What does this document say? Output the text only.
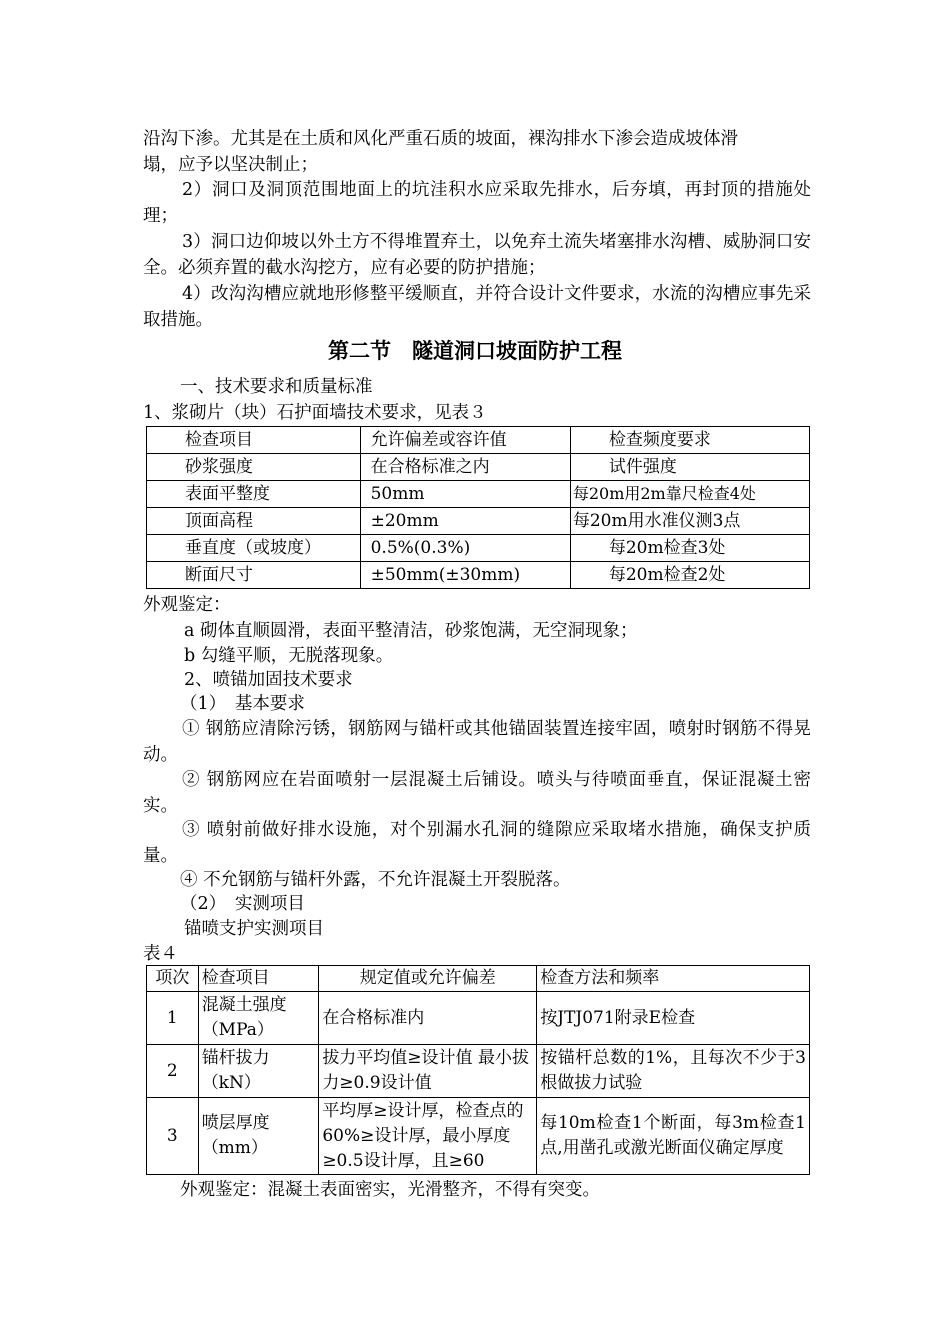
沿沟下渗。尤其是在土质和风化严重石质的坡面，裸沟排水下渗会造成坡体滑
塌，应予以坚决制止；
2）洞口及洞顶范围地面上的坑洼积水应采取先排水，后夯填，再封顶的措施处理；
3）洞口边仰坡以外土方不得堆置弃土，以免弃土流失堵塞排水沟槽、威胁洞口安全。必须弃置的截水沟挖方，应有必要的防护措施；
4）改沟沟槽应就地形修整平缓顺直，并符合设计文件要求，水流的沟槽应事先采取措施。
第二节　隧道洞口坡面防护工程
一、技术要求和质量标准
1、浆砌片（块）石护面墙技术要求，见表３
检查项目	允许偏差或容许值	检查频度要求
砂浆强度	在合格标准之内	试件强度
表面平整度	50mm	每20m用2m靠尺检查4处
顶面高程	±20mm	每20m用水准仪测3点
垂直度（或坡度）	0.5%(0.3%)	每20m检查3处
断面尺寸	±50mm(±30mm)	每20m检查2处
外观鉴定：
a 砌体直顺圆滑，表面平整清洁，砂浆饱满，无空洞现象；
b 勾缝平顺，无脱落现象。
2、喷锚加固技术要求
（1）　基本要求
① 钢筋应清除污锈，钢筋网与锚杆或其他锚固装置连接牢固，喷射时钢筋不得晃动。
② 钢筋网应在岩面喷射一层混凝土后铺设。喷头与待喷面垂直，保证混凝土密实。
③ 喷射前做好排水设施，对个别漏水孔洞的缝隙应采取堵水措施，确保支护质量。
④ 不允钢筋与锚杆外露，不允许混凝土开裂脱落。
（2）　实测项目
锚喷支护实测项目
表４
项次	检查项目	规定值或允许偏差	检查方法和频率
1	混凝土强度（MPa）	在合格标准内	按JTJ071附录E检查
2	锚杆拔力（kN）	拔力平均值≥设计值 最小拔力≥0.9设计值	按锚杆总数的1%，且每次不少于3根做拔力试验
3	喷层厚度（mm）	平均厚≥设计厚，检查点的60%≥设计厚，最小厚度≥0.5设计厚，且≥60	每10m检查1个断面，每3m检查1点,用凿孔或激光断面仪确定厚度
外观鉴定：混凝土表面密实，光滑整齐，不得有突变。
